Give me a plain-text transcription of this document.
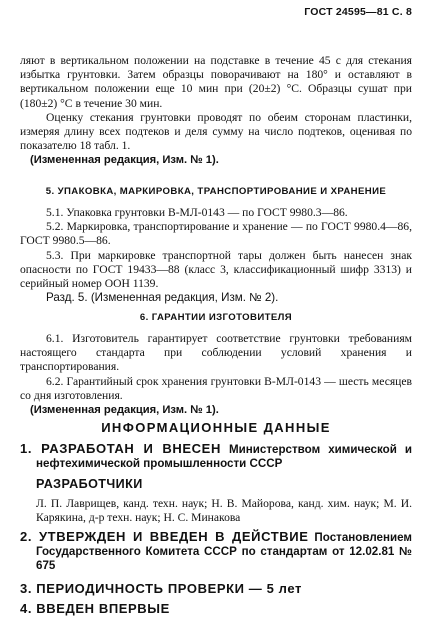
ГОСТ 24595—81 С. 8

ляют в вертикальном положении на подставке в течение 45 с для стекания избытка грунтовки. Затем образцы поворачивают на 180° и оставляют в вертикальном положении еще 10 мин при (20±2) °С. Образцы сушат при (180±2) °С в течение 30 мин.

Оценку стекания грунтовки проводят по обеим сторонам пластинки, измеряя длину всех подтеков и деля сумму на число подтеков, оценивая по показателю 18 табл. 1.

(Измененная редакция, Изм. № 1).

5. УПАКОВКА, МАРКИРОВКА, ТРАНСПОРТИРОВАНИЕ И ХРАНЕНИЕ

5.1. Упаковка грунтовки В-МЛ-0143 — по ГОСТ 9980.3—86.

5.2. Маркировка, транспортирование и хранение — по ГОСТ 9980.4—86, ГОСТ 9980.5—86.

5.3. При маркировке транспортной тары должен быть нанесен знак опасности по ГОСТ 19433—88 (класс 3, классификационный шифр 3313) и серийный номер ООН 1139.

Разд. 5. (Измененная редакция, Изм. № 2).

6. ГАРАНТИИ ИЗГОТОВИТЕЛЯ

6.1. Изготовитель гарантирует соответствие грунтовки требованиям настоящего стандарта при соблюдении условий хранения и транспортирования.

6.2. Гарантийный срок хранения грунтовки В-МЛ-0143 — шесть месяцев со дня изготовления.

(Измененная редакция, Изм. № 1).

ИНФОРМАЦИОННЫЕ ДАННЫЕ

1. РАЗРАБОТАН И ВНЕСЕН Министерством химической и нефтехимической промышленности СССР

РАЗРАБОТЧИКИ

Л. П. Лаврищев, канд. техн. наук; Н. В. Майорова, канд. хим. наук; М. И. Карякина, д-р техн. наук; Н. С. Минакова

2. УТВЕРЖДЕН И ВВЕДЕН В ДЕЙСТВИЕ Постановлением Государственного Комитета СССР по стандартам от 12.02.81 № 675

3. ПЕРИОДИЧНОСТЬ ПРОВЕРКИ — 5 лет

4. ВВЕДЕН ВПЕРВЫЕ
